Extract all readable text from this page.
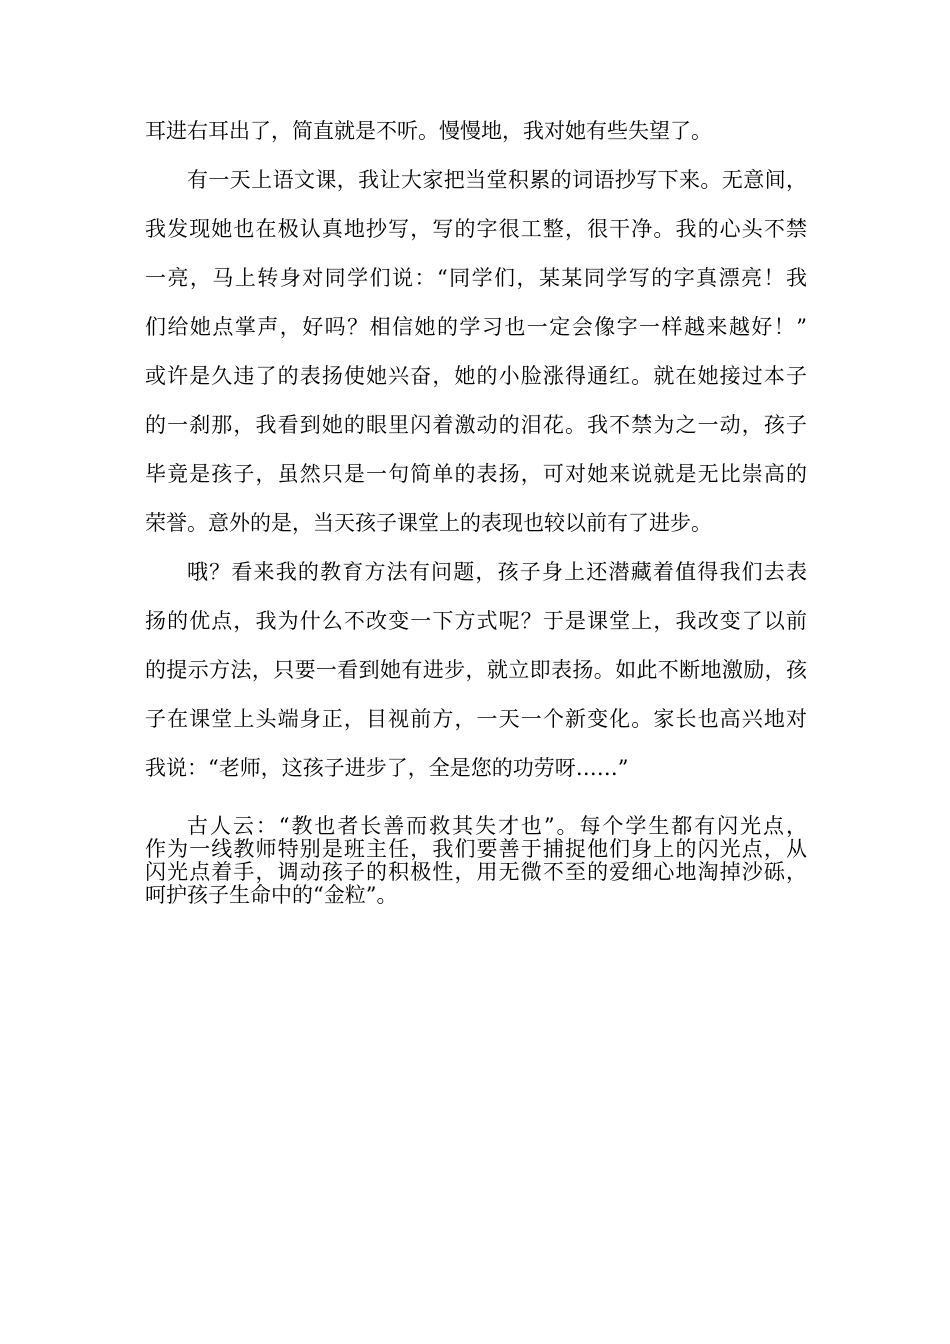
耳进右耳出了，简直就是不听。慢慢地，我对她有些失望了。

有一天上语文课，我让大家把当堂积累的词语抄写下来。无意间，

我发现她也在极认真地抄写，写的字很工整，很干净。我的心头不禁

一亮，马上转身对同学们说：“同学们，某某同学写的字真漂亮！我

们给她点掌声，好吗？相信她的学习也一定会像字一样越来越好！”

或许是久违了的表扬使她兴奋，她的小脸涨得通红。就在她接过本子

的一刹那，我看到她的眼里闪着激动的泪花。我不禁为之一动，孩子

毕竟是孩子，虽然只是一句简单的表扬，可对她来说就是无比崇高的

荣誉。意外的是，当天孩子课堂上的表现也较以前有了进步。

哦？看来我的教育方法有问题，孩子身上还潜藏着值得我们去表

扬的优点，我为什么不改变一下方式呢？于是课堂上，我改变了以前

的提示方法，只要一看到她有进步，就立即表扬。如此不断地激励，孩

子在课堂上头端身正，目视前方，一天一个新变化。家长也高兴地对

我说：“老师，这孩子进步了，全是您的功劳呀……”

古人云：“教也者长善而救其失才也”。每个学生都有闪光点，

作为一线教师特别是班主任，我们要善于捕捉他们身上的闪光点，从

闪光点着手，调动孩子的积极性，用无微不至的爱细心地淘掉沙砾，

呵护孩子生命中的“金粒”。
